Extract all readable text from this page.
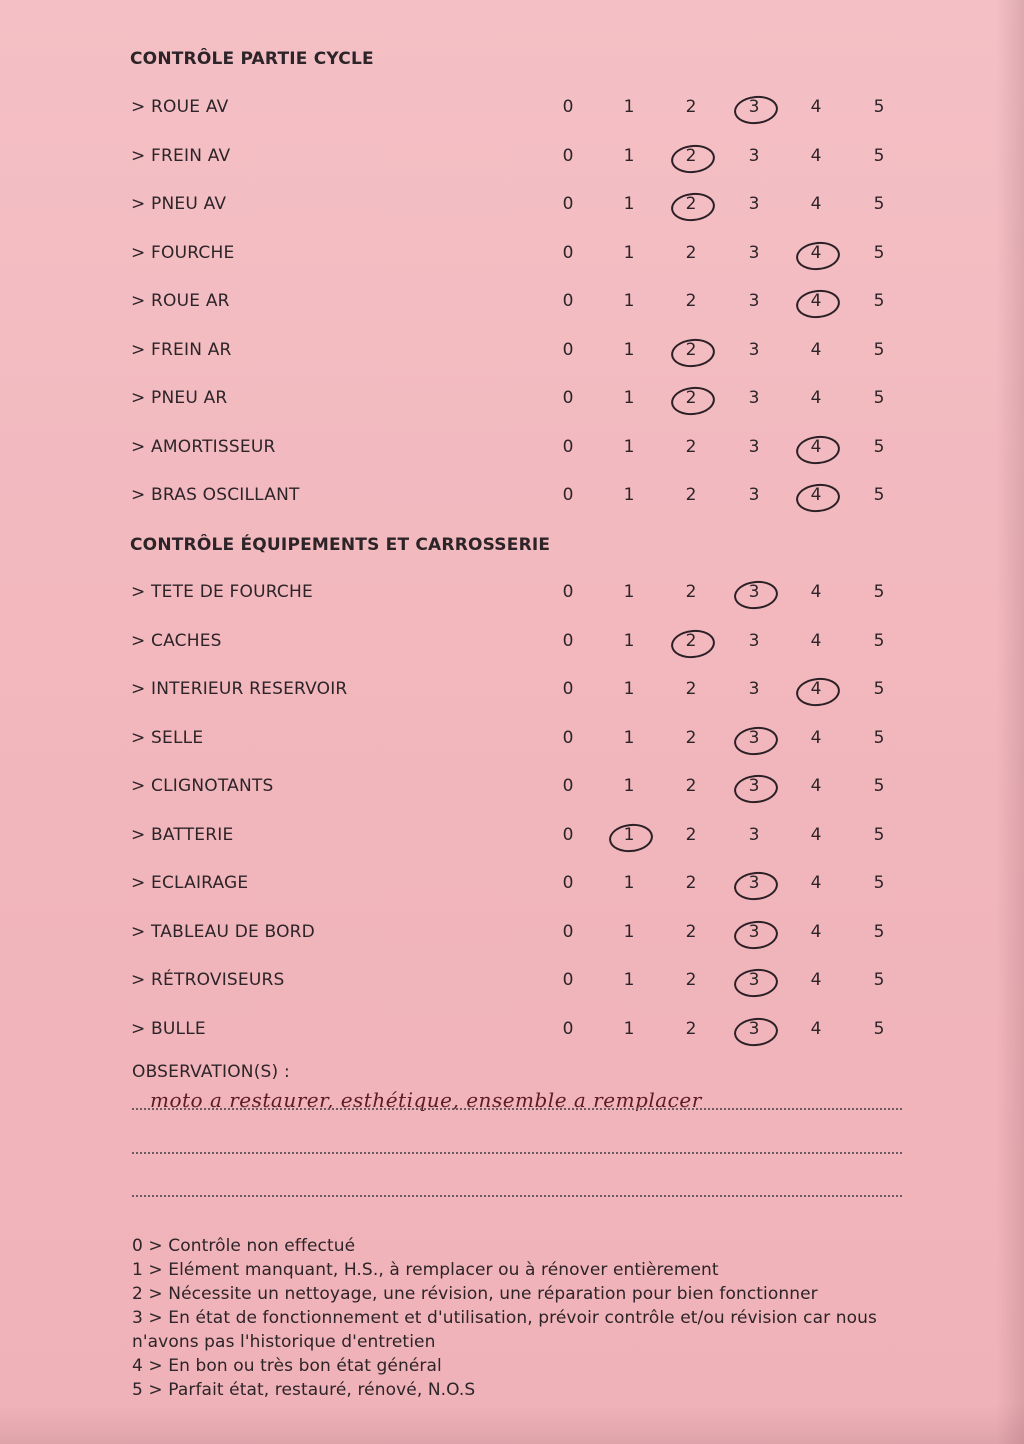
CONTRÔLE PARTIE CYCLE
> ROUE AV	0	1	2	3	4	5
> FREIN AV	0	1	2	3	4	5
> PNEU AV	0	1	2	3	4	5
> FOURCHE	0	1	2	3	4	5
> ROUE AR	0	1	2	3	4	5
> FREIN AR	0	1	2	3	4	5
> PNEU AR	0	1	2	3	4	5
> AMORTISSEUR	0	1	2	3	4	5
> BRAS OSCILLANT	0	1	2	3	4	5
CONTRÔLE ÉQUIPEMENTS ET CARROSSERIE
> TETE DE FOURCHE	0	1	2	3	4	5
> CACHES	0	1	2	3	4	5
> INTERIEUR RESERVOIR	0	1	2	3	4	5
> SELLE	0	1	2	3	4	5
> CLIGNOTANTS	0	1	2	3	4	5
> BATTERIE	0	1	2	3	4	5
> ECLAIRAGE	0	1	2	3	4	5
> TABLEAU DE BORD	0	1	2	3	4	5
> RÉTROVISEURS	0	1	2	3	4	5
> BULLE	0	1	2	3	4	5
OBSERVATION(S) :
moto a restaurer, esthétique, ensemble a remplacer
0 > Contrôle non effectué
1 > Elément manquant, H.S., à remplacer ou à rénover entièrement
2 > Nécessite un nettoyage, une révision, une réparation pour bien fonctionner
3 > En état de fonctionnement et d'utilisation, prévoir contrôle et/ou révision car nous n'avons pas l'historique d'entretien
4 > En bon ou très bon état général
5 > Parfait état, restauré, rénové, N.O.S
